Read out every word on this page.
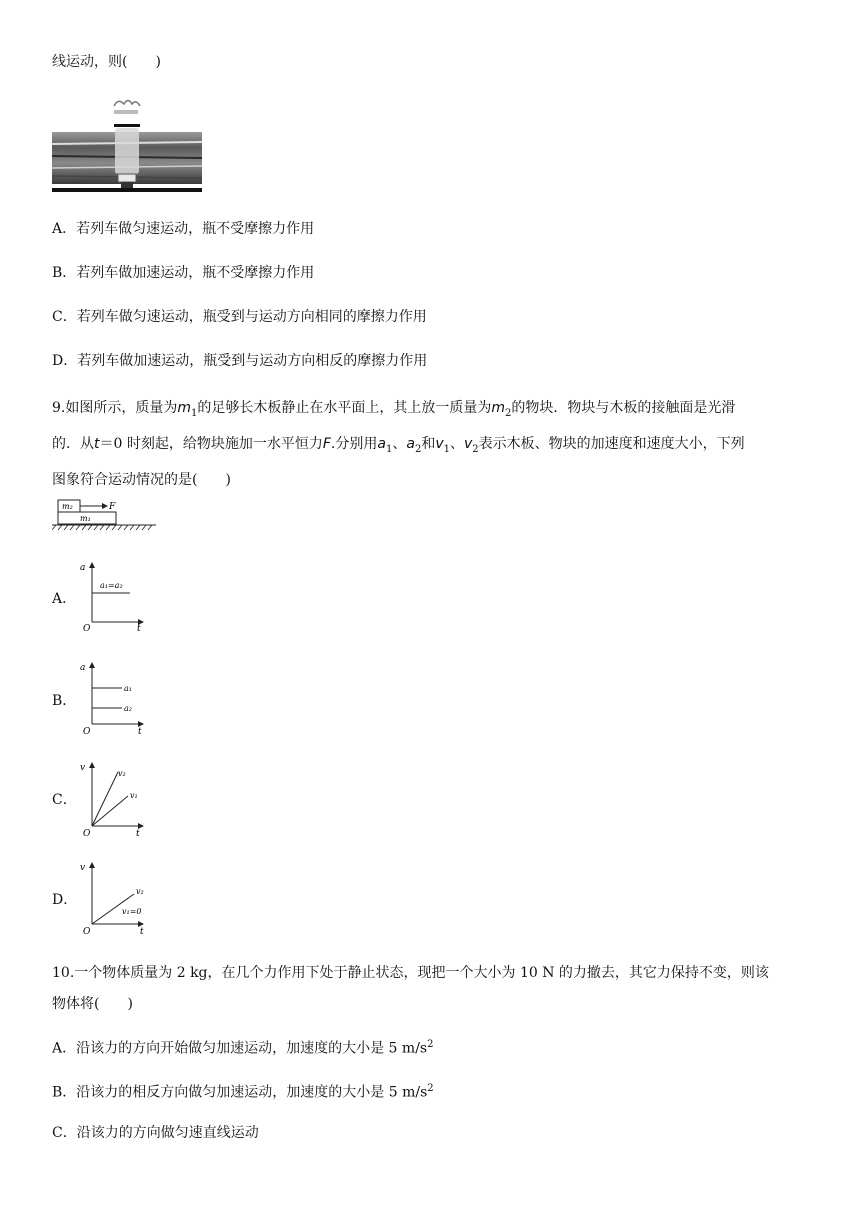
线运动，则(　　)
A．若列车做匀速运动，瓶不受摩擦力作用
B．若列车做加速运动，瓶不受摩擦力作用
C．若列车做匀速运动，瓶受到与运动方向相同的摩擦力作用
D．若列车做加速运动，瓶受到与运动方向相反的摩擦力作用
9.如图所示，质量为$m_1$的足够长木板静止在水平面上，其上放一质量为$m_2$的物块．物块与木板的接触面是光滑
的．从t＝0 时刻起，给物块施加一水平恒力F.分别用$a_1$、$a_2$和$v_1$、$v_2$表示木板、物块的加速度和速度大小，下列
图象符合运动情况的是(　　)
m₂	F
m₁
A．
a
O	t
a₁=a₂
B．
a
O	t
a₁
a₂
C．
v
O	t
v₂
v₁
D．
v
O	t
v₂
v₁=0
10.一个物体质量为 2 kg，在几个力作用下处于静止状态，现把一个大小为 10 N 的力撤去，其它力保持不变，则该
物体将(　　)
A．沿该力的方向开始做匀加速运动，加速度的大小是 5 $m/s^2$
B．沿该力的相反方向做匀加速运动，加速度的大小是 5 $m/s^2$
C．沿该力的方向做匀速直线运动
